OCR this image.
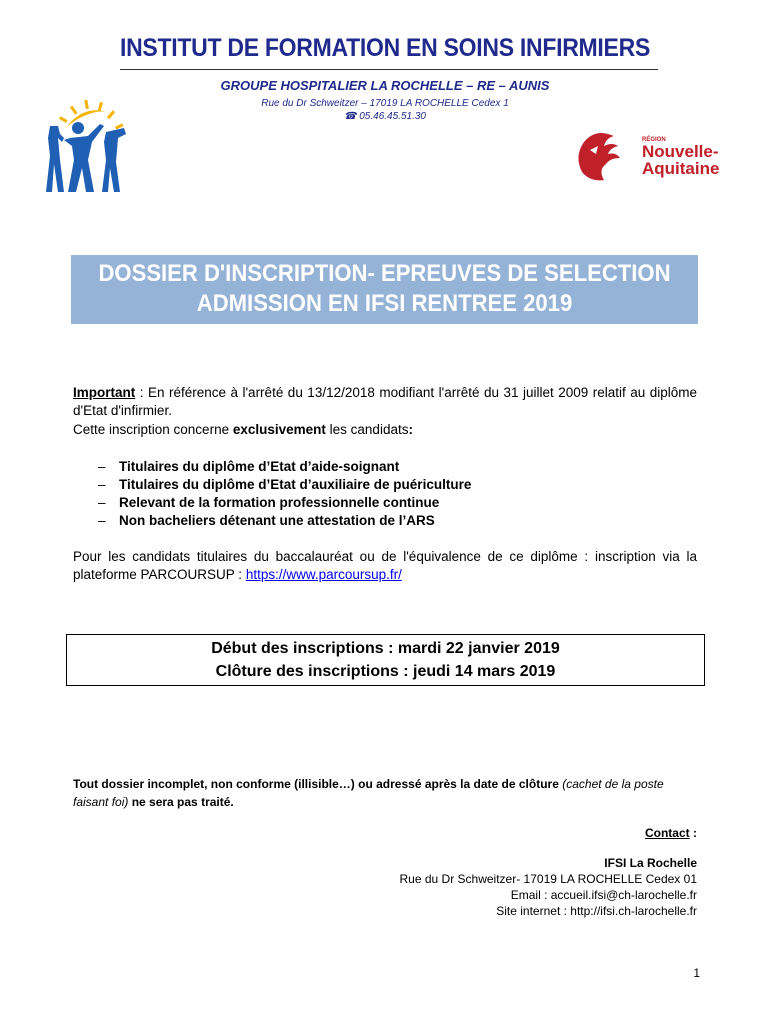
INSTITUT DE FORMATION EN SOINS INFIRMIERS
GROUPE HOSPITALIER LA ROCHELLE – RE – AUNIS
Rue du Dr Schweitzer – 17019 LA ROCHELLE Cedex 1
☎ 05.46.45.51.30
RÉGION
Nouvelle-
Aquitaine
DOSSIER D'INSCRIPTION- EPREUVES DE SELECTION
ADMISSION EN IFSI RENTREE 2019
Important : En référence à l'arrêté du 13/12/2018 modifiant l'arrêté du 31 juillet 2009 relatif au diplôme d'Etat d'infirmier.
Cette inscription concerne exclusivement les candidats:
– Titulaires du diplôme d’Etat d’aide-soignant
– Titulaires du diplôme d’Etat d’auxiliaire de puériculture
– Relevant de la formation professionnelle continue
– Non bacheliers détenant une attestation de l’ARS
Pour les candidats titulaires du baccalauréat ou de l'équivalence de ce diplôme : inscription via la plateforme PARCOURSUP : https://www.parcoursup.fr/
Début des inscriptions : mardi 22 janvier 2019
Clôture des inscriptions : jeudi 14 mars 2019
Tout dossier incomplet, non conforme (illisible…) ou adressé après la date de clôture (cachet de la poste faisant foi) ne sera pas traité.
Contact :
IFSI La Rochelle
Rue du Dr Schweitzer- 17019 LA ROCHELLE Cedex 01
Email : accueil.ifsi@ch-larochelle.fr
Site internet : http://ifsi.ch-larochelle.fr
1
